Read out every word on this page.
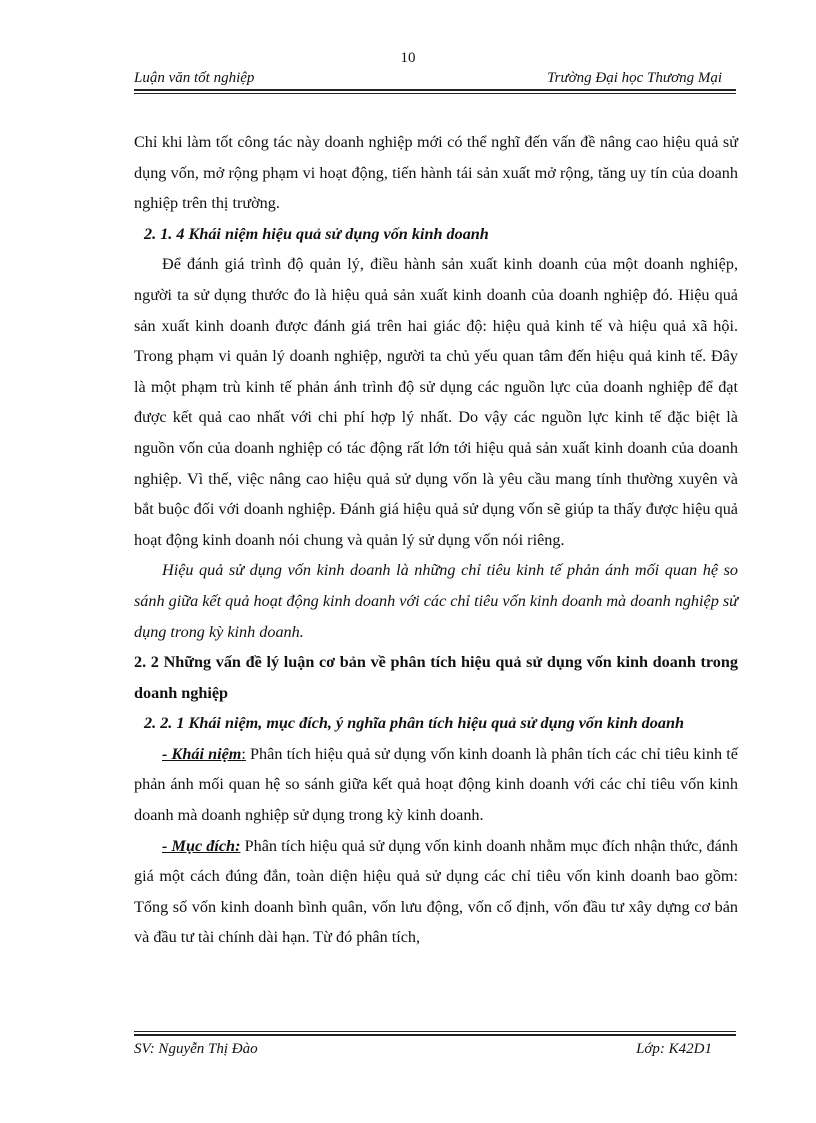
10
Luận văn tốt nghiệp	Trường Đại học Thương Mại

Chỉ khi làm tốt công tác này doanh nghiệp mới có thể nghĩ đến vấn đề nâng cao hiệu quả sử dụng vốn, mở rộng phạm vi hoạt động, tiến hành tái sản xuất mở rộng, tăng uy tín của doanh nghiệp trên thị trường.

2. 1. 4 Khái niệm hiệu quả sử dụng vốn kinh doanh

Để đánh giá trình độ quản lý, điều hành sản xuất kinh doanh của một doanh nghiệp, người ta sử dụng thước đo là hiệu quả sản xuất kinh doanh của doanh nghiệp đó. Hiệu quả sản xuất kinh doanh được đánh giá trên hai giác độ: hiệu quả kinh tế và hiệu quả xã hội. Trong phạm vi quản lý doanh nghiệp, người ta chủ yếu quan tâm đến hiệu quả kinh tế. Đây là một phạm trù kinh tế phản ánh trình độ sử dụng các nguồn lực của doanh nghiệp để đạt được kết quả cao nhất với chi phí hợp lý nhất. Do vậy các nguồn lực kinh tế đặc biệt là nguồn vốn của doanh nghiệp có tác động rất lớn tới hiệu quả sản xuất kinh doanh của doanh nghiệp. Vì thế, việc nâng cao hiệu quả sử dụng vốn là yêu cầu mang tính thường xuyên và bắt buộc đối với doanh nghiệp. Đánh giá hiệu quả sử dụng vốn sẽ giúp ta thấy được hiệu quả hoạt động kinh doanh nói chung và quản lý sử dụng vốn nói riêng.

Hiệu quả sử dụng vốn kinh doanh là những chỉ tiêu kinh tế phản ánh mối quan hệ so sánh giữa kết quả hoạt động kinh doanh với các chỉ tiêu vốn kinh doanh mà doanh nghiệp sử dụng trong kỳ kinh doanh.

2. 2 Những vấn đề lý luận cơ bản về phân tích hiệu quả sử dụng vốn kinh doanh trong doanh nghiệp

2. 2. 1 Khái niệm, mục đích, ý nghĩa phân tích hiệu quả sử dụng vốn kinh doanh

- Khái niệm: Phân tích hiệu quả sử dụng vốn kinh doanh là phân tích các chỉ tiêu kinh tế phản ánh mối quan hệ so sánh giữa kết quả hoạt động kinh doanh với các chỉ tiêu vốn kinh doanh mà doanh nghiệp sử dụng trong kỳ kinh doanh.

- Mục đích: Phân tích hiệu quả sử dụng vốn kinh doanh nhằm mục đích nhận thức, đánh giá một cách đúng đắn, toàn diện hiệu quả sử dụng các chỉ tiêu vốn kinh doanh bao gồm: Tổng số vốn kinh doanh bình quân, vốn lưu động, vốn cố định, vốn đầu tư xây dựng cơ bản và đầu tư tài chính dài hạn. Từ đó phân tích,

SV: Nguyễn Thị Đào	Lớp: K42D1
